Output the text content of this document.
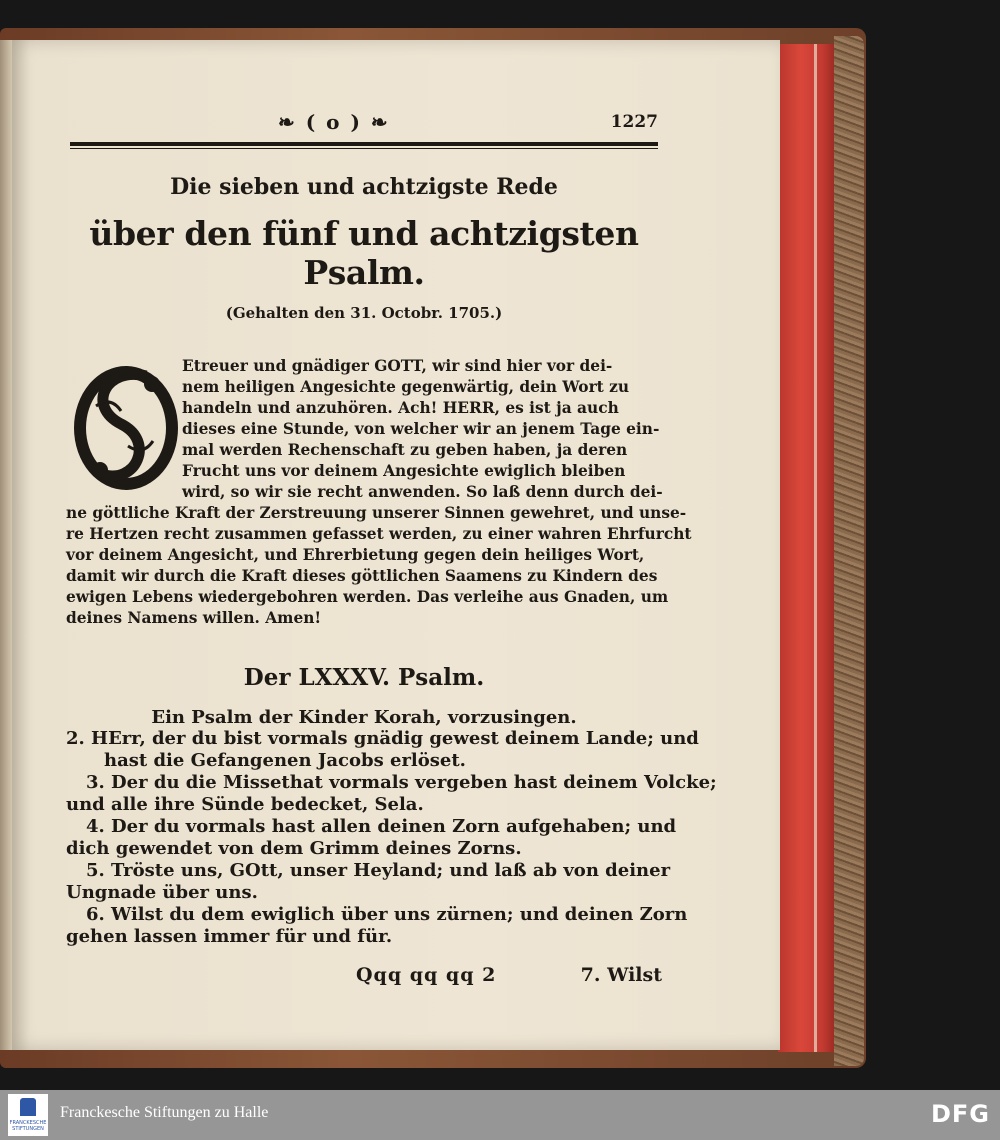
❧ ( o ) ❧	1227
Die sieben und achtzigste Rede
über den fünf und achtzigsten Psalm.
(Gehalten den 31. Octobr. 1705.)
Etreuer und gnädiger GOTT, wir sind hier vor dei-
nem heiligen Angesichte gegenwärtig, dein Wort zu
handeln und anzuhören. Ach! HERR, es ist ja auch
dieses eine Stunde, von welcher wir an jenem Tage ein-
mal werden Rechenschaft zu geben haben, ja deren
Frucht uns vor deinem Angesichte ewiglich bleiben
wird, so wir sie recht anwenden. So laß denn durch dei-
ne göttliche Kraft der Zerstreuung unserer Sinnen gewehret, und unse-
re Hertzen recht zusammen gefasset werden, zu einer wahren Ehrfurcht
vor deinem Angesicht, und Ehrerbietung gegen dein heiliges Wort,
damit wir durch die Kraft dieses göttlichen Saamens zu Kindern des
ewigen Lebens wiedergebohren werden. Das verleihe aus Gnaden, um
deines Namens willen. Amen!
Der LXXXV. Psalm.
Ein Psalm der Kinder Korah, vorzusingen.
2. HErr, der du bist vormals gnädig gewest deinem Lande; und
hast die Gefangenen Jacobs erlöset.
3. Der du die Missethat vormals vergeben hast deinem Volcke;
und alle ihre Sünde bedecket, Sela.
4. Der du vormals hast allen deinen Zorn aufgehaben; und
dich gewendet von dem Grimm deines Zorns.
5. Tröste uns, GOtt, unser Heyland; und laß ab von deiner
Ungnade über uns.
6. Wilst du dem ewiglich über uns zürnen; und deinen Zorn
gehen lassen immer für und für.
Qqq qq qq 2	7. Wilst
FRANCKESCHE STIFTUNGEN
Franckesche Stiftungen zu Halle	DFG
